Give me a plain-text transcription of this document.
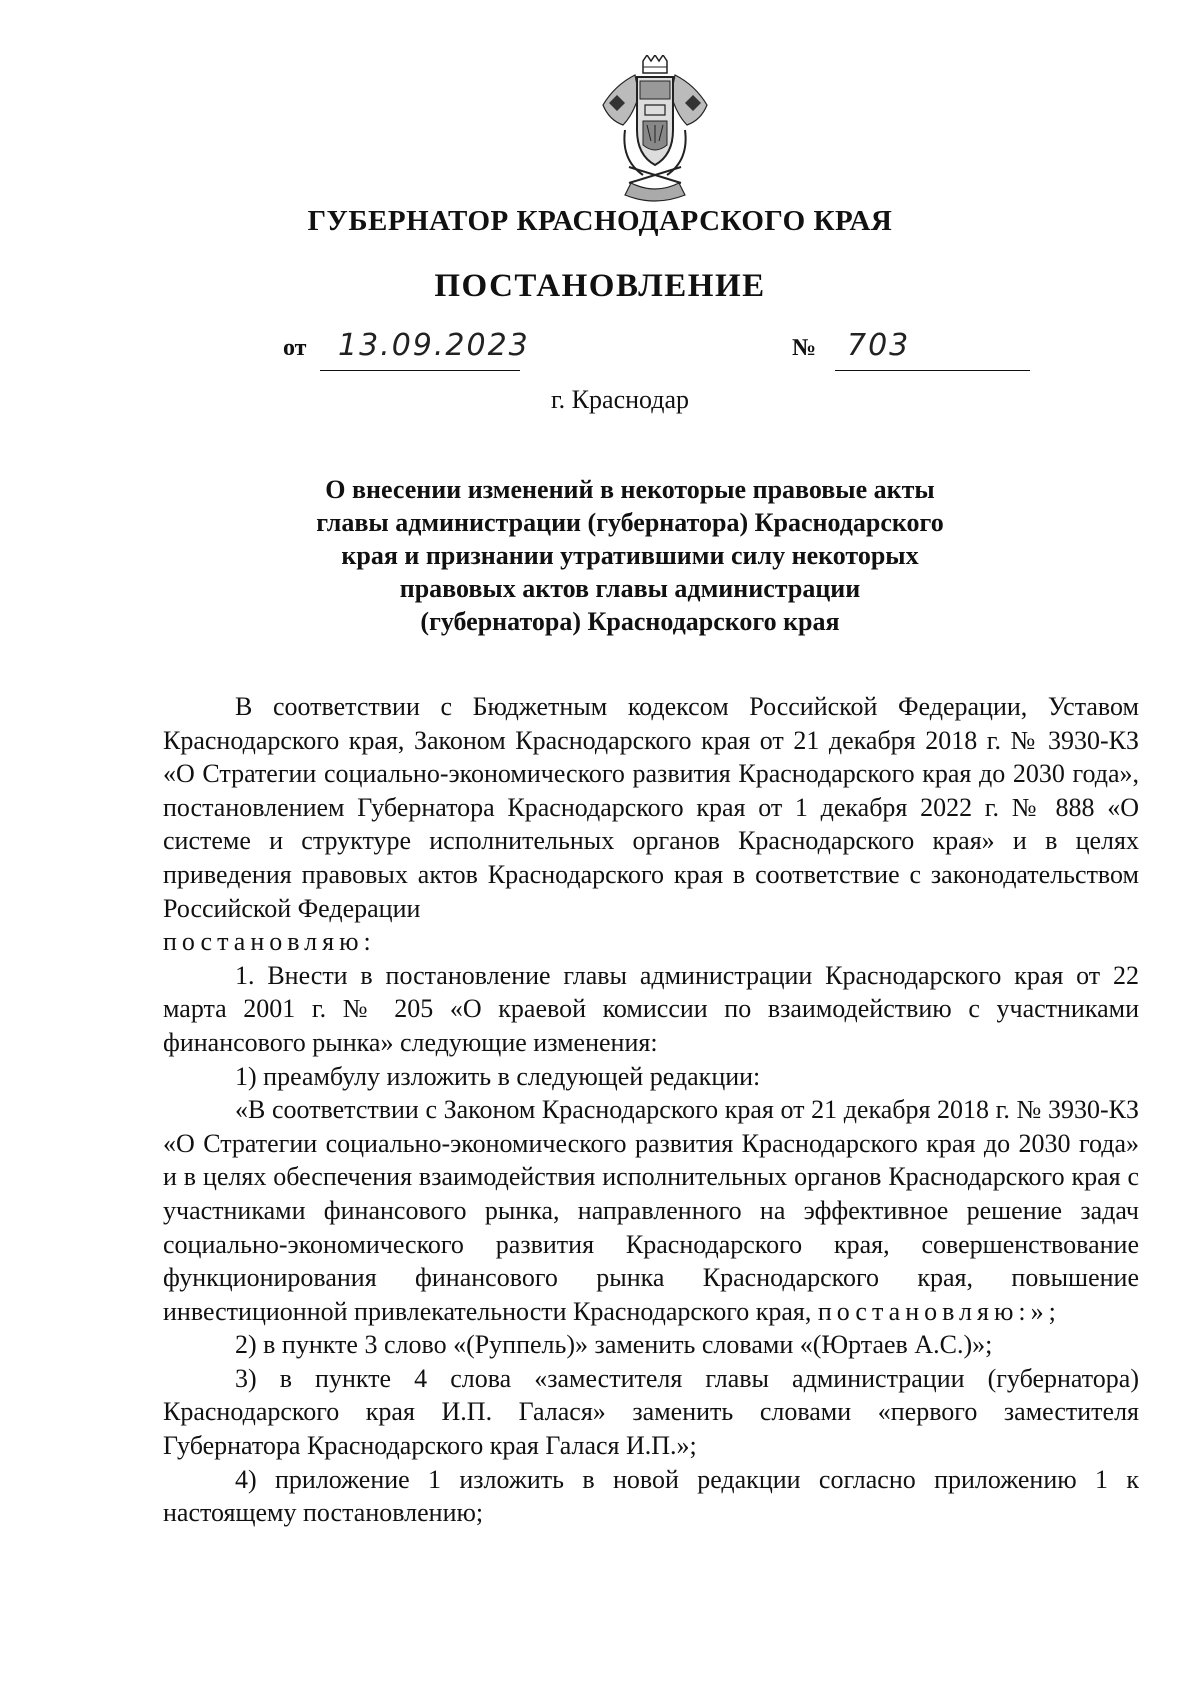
ГУБЕРНАТОР КРАСНОДАРСКОГО КРАЯ
ПОСТАНОВЛЕНИЕ
от 13.09.2023	№ 703
г. Краснодар
О внесении изменений в некоторые правовые акты
главы администрации (губернатора) Краснодарского
края и признании утратившими силу некоторых
правовых актов главы администрации
(губернатора) Краснодарского края

В соответствии с Бюджетным кодексом Российской Федерации, Уставом Краснодарского края, Законом Краснодарского края от 21 декабря 2018 г. № 3930-КЗ «О Стратегии социально-экономического развития Краснодарского края до 2030 года», постановлением Губернатора Краснодарского края от 1 декабря 2022 г. № 888 «О системе и структуре исполнительных органов Краснодарского края» и в целях приведения правовых актов Краснодарского края в соответствие с законодательством Российской Федерации

постановляю:

1. Внести в постановление главы администрации Краснодарского края от 22 марта 2001 г. № 205 «О краевой комиссии по взаимодействию с участниками финансового рынка» следующие изменения:

1) преамбулу изложить в следующей редакции:

«В соответствии с Законом Краснодарского края от 21 декабря 2018 г. № 3930-КЗ «О Стратегии социально-экономического развития Краснодарского края до 2030 года» и в целях обеспечения взаимодействия исполнительных органов Краснодарского края с участниками финансового рынка, направленного на эффективное решение задач социально-экономического развития Краснодарского края, совершенствование функционирования финансового рынка Краснодарского края, повышение инвестиционной привлекательности Краснодарского края, постановляю:»;

2) в пункте 3 слово «(Руппель)» заменить словами «(Юртаев А.С.)»;

3) в пункте 4 слова «заместителя главы администрации (губернатора) Краснодарского края И.П. Галася» заменить словами «первого заместителя Губернатора Краснодарского края Галася И.П.»;

4) приложение 1 изложить в новой редакции согласно приложению 1 к настоящему постановлению;
